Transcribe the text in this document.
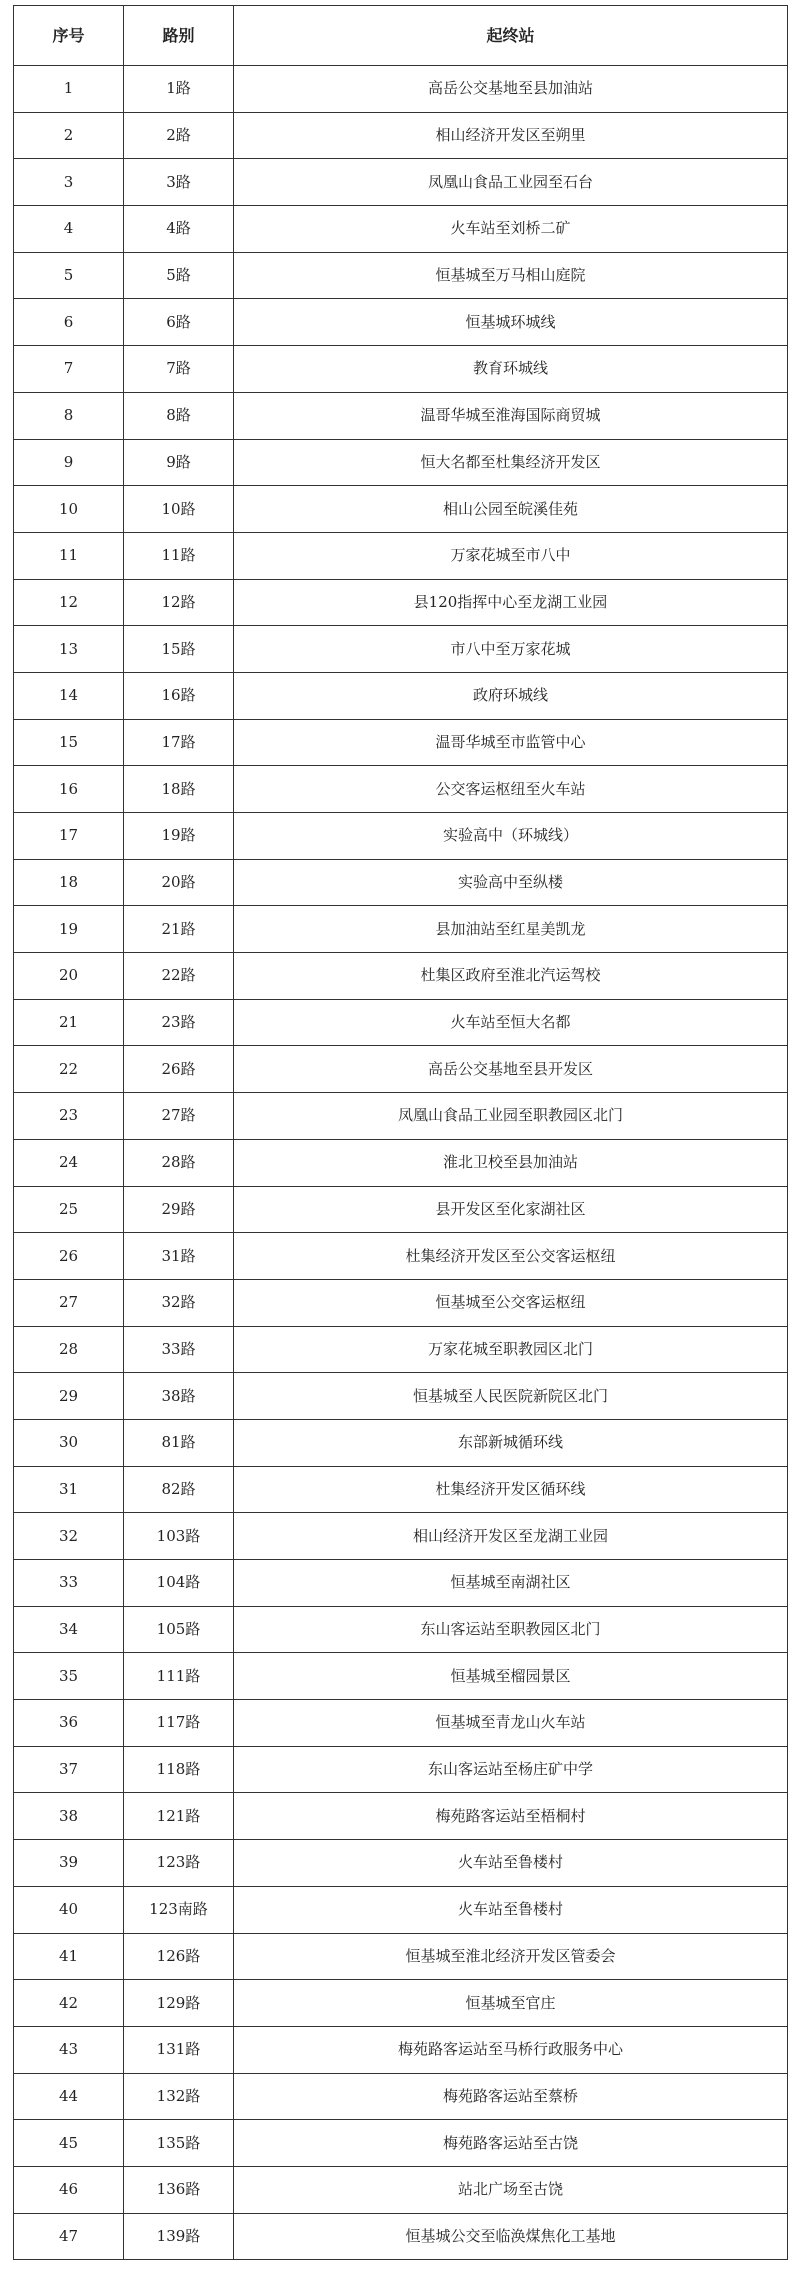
序号	路别	起终站
1	1路	高岳公交基地至县加油站
2	2路	相山经济开发区至朔里
3	3路	凤凰山食品工业园至石台
4	4路	火车站至刘桥二矿
5	5路	恒基城至万马相山庭院
6	6路	恒基城环城线
7	7路	教育环城线
8	8路	温哥华城至淮海国际商贸城
9	9路	恒大名都至杜集经济开发区
10	10路	相山公园至皖溪佳苑
11	11路	万家花城至市八中
12	12路	县120指挥中心至龙湖工业园
13	15路	市八中至万家花城
14	16路	政府环城线
15	17路	温哥华城至市监管中心
16	18路	公交客运枢纽至火车站
17	19路	实验高中（环城线）
18	20路	实验高中至纵楼
19	21路	县加油站至红星美凯龙
20	22路	杜集区政府至淮北汽运驾校
21	23路	火车站至恒大名都
22	26路	高岳公交基地至县开发区
23	27路	凤凰山食品工业园至职教园区北门
24	28路	淮北卫校至县加油站
25	29路	县开发区至化家湖社区
26	31路	杜集经济开发区至公交客运枢纽
27	32路	恒基城至公交客运枢纽
28	33路	万家花城至职教园区北门
29	38路	恒基城至人民医院新院区北门
30	81路	东部新城循环线
31	82路	杜集经济开发区循环线
32	103路	相山经济开发区至龙湖工业园
33	104路	恒基城至南湖社区
34	105路	东山客运站至职教园区北门
35	111路	恒基城至榴园景区
36	117路	恒基城至青龙山火车站
37	118路	东山客运站至杨庄矿中学
38	121路	梅苑路客运站至梧桐村
39	123路	火车站至鲁楼村
40	123南路	火车站至鲁楼村
41	126路	恒基城至淮北经济开发区管委会
42	129路	恒基城至官庄
43	131路	梅苑路客运站至马桥行政服务中心
44	132路	梅苑路客运站至蔡桥
45	135路	梅苑路客运站至古饶
46	136路	站北广场至古饶
47	139路	恒基城公交至临涣煤焦化工基地
